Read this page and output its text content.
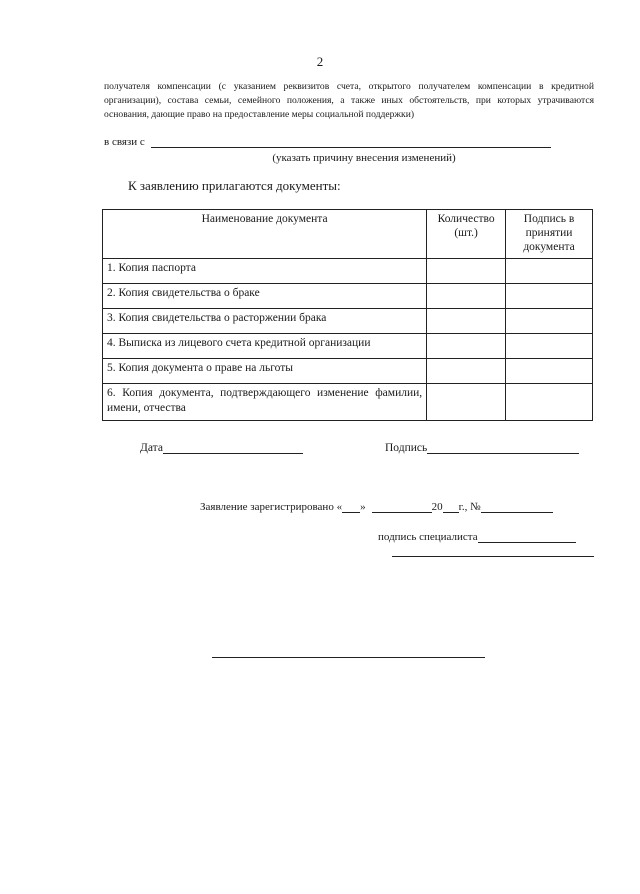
2
получателя компенсации (с указанием реквизитов счета, открытого получателем компенсации в кредитной организации), состава семьи, семейного положения, а также иных обстоятельств, при которых утрачиваются основания, дающие право на предоставление меры социальной поддержки)
в связи с
(указать причину внесения изменений)
К заявлению прилагаются документы:
Наименование документа	Количество (шт.)	Подпись в принятии документа
1. Копия паспорта		
2. Копия свидетельства о браке		
3. Копия свидетельства о расторжении брака		
4. Выписка из лицевого счета кредитной организации		
5. Копия документа о праве на льготы		
6. Копия документа, подтверждающего изменение фамилии, имени, отчества		
Дата	Подпись
Заявление зарегистрировано « »	20 г., №
подпись специалиста
